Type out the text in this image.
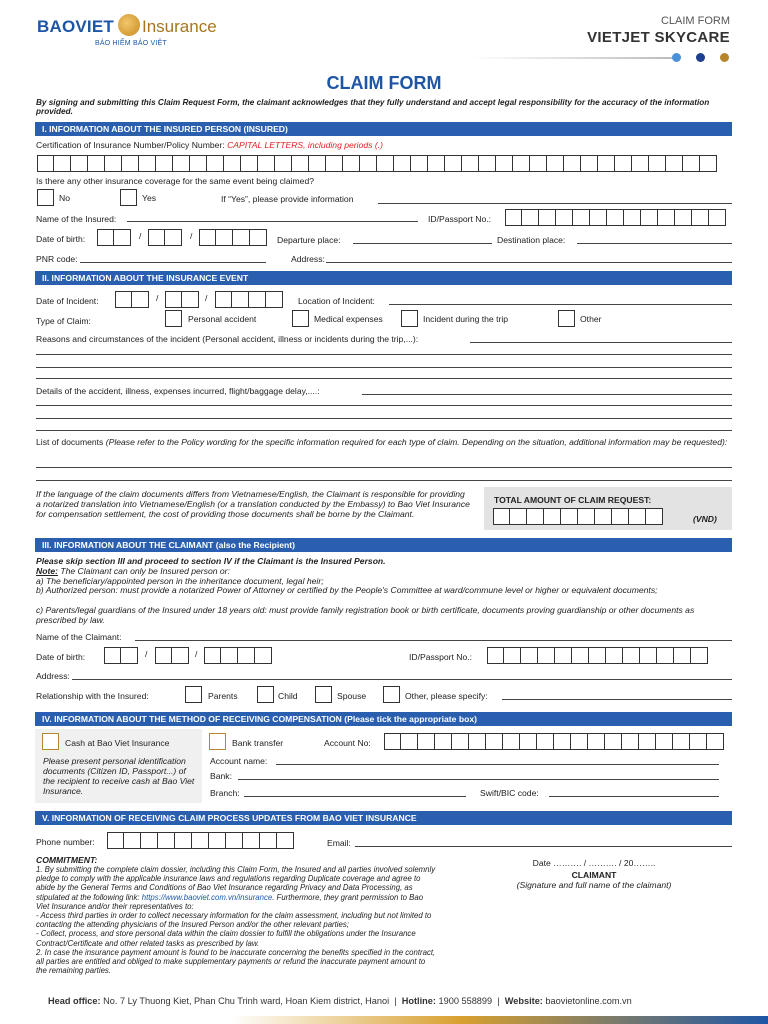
BAOVIET Insurance
BẢO HIỂM BẢO VIỆT
CLAIM FORM
VIETJET SKYCARE
CLAIM FORM
By signing and submitting this Claim Request Form, the claimant acknowledges that they fully understand and accept legal responsibility for the accuracy of the information provided.
I. INFORMATION ABOUT THE INSURED PERSON (INSURED)
Certification of Insurance Number/Policy Number: CAPITAL LETTERS, including periods (.)
Is there any other insurance coverage for the same event being claimed?
No	Yes	If “Yes”, please provide information
Name of the Insured:	ID/Passport No.:
Date of birth:	/	/	Departure place:	Destination place:
PNR code:	Address:
II. INFORMATION ABOUT THE INSURANCE EVENT
Date of Incident:	/	/	Location of Incident:
Type of Claim:	Personal accident	Medical expenses	Incident during the trip	Other
Reasons and circumstances of the incident (Personal accident, illness or incidents during the trip,...):
Details of the accident, illness, expenses incurred, flight/baggage delay,....:
List of documents (Please refer to the Policy wording for the specific information required for each type of claim. Depending on the situation, additional information may be requested):
If the language of the claim documents differs from Vietnamese/English, the Claimant is responsible for providing a notarized translation into Vietnamese/English (or a translation conducted by the Embassy) to Bao Viet Insurance for compensation settlement, the cost of providing those documents shall be borne by the Claimant.
TOTAL AMOUNT OF CLAIM REQUEST:
(VND)
III. INFORMATION ABOUT THE CLAIMANT (also the Recipient)
Please skip section III and proceed to section IV if the Claimant is the Insured Person.
Note: The Claimant can only be Insured person or:
a) The beneficiary/appointed person in the inheritance document, legal heir;
b) Authorized person: must provide a notarized Power of Attorney or certified by the People's Committee at ward/commune level or higher or equivalent documents;
c) Parents/legal guardians of the Insured under 18 years old: must provide family registration book or birth certificate, documents proving guardianship or other documents as prescribed by law.
Name of the Claimant:
Date of birth:	/	/	ID/Passport No.:
Address:
Relationship with the Insured:	Parents	Child	Spouse	Other, please specify:
IV. INFORMATION ABOUT THE METHOD OF RECEIVING COMPENSATION (Please tick the appropriate box)
Cash at Bao Viet Insurance
Please present personal identification documents (Citizen ID, Passport...) of the recipient to receive cash at Bao Viet Insurance.
Bank transfer	Account No:
Account name:
Bank:
Branch:	Swift/BIC code:
V. INFORMATION OF RECEIVING CLAIM PROCESS UPDATES FROM BAO VIET INSURANCE
Phone number:	Email:
COMMITMENT:
1. By submitting the complete claim dossier, including this Claim Form, the Insured and all parties involved solemnly pledge to comply with the applicable insurance laws and regulations regarding Duplicate coverage and agree to abide by the General Terms and Conditions of Bao Viet Insurance regarding Privacy and Data Processing, as stipulated at the following link: https://www.baoviet.com.vn/insurance. Furthermore, they grant permission to Bao Viet Insurance and/or their representatives to:
- Access third parties in order to collect necessary information for the claim assessment, including but not limited to contacting the attending physicians of the Insured Person and/or the other relevant parties;
- Collect, process, and store personal data within the claim dossier to fulfill the obligations under the Insurance Contract/Certificate and other related tasks as prescribed by law.
2. In case the insurance payment amount is found to be inaccurate concerning the benefits specified in the contract, all parties are entitled and obliged to make supplementary payments or refund the inaccurate payment amount to the remaining parties.
Date ………. / ………. / 20……..
CLAIMANT
(Signature and full name of the claimant)
Head office: No. 7 Ly Thuong Kiet, Phan Chu Trinh ward, Hoan Kiem district, Hanoi  |  Hotline: 1900 558899  |  Website: baovietonline.com.vn
